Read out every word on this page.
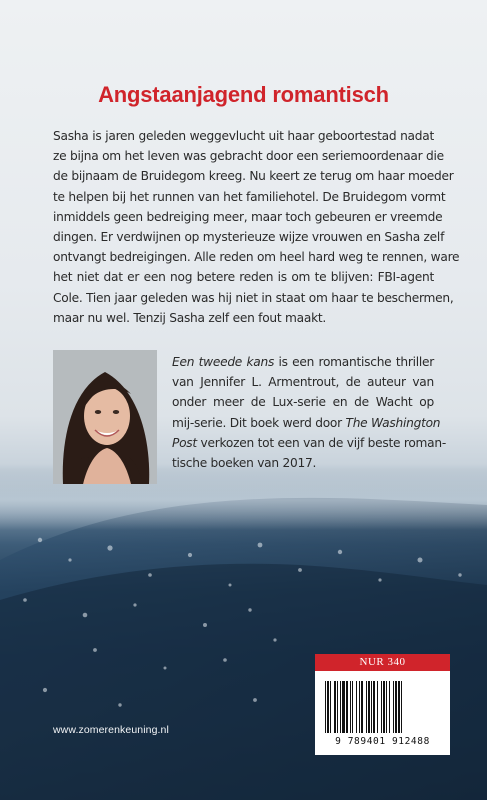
Angstaanjagend romantisch
Sasha is jaren geleden weggevlucht uit haar geboortestad nadat
ze bijna om het leven was gebracht door een seriemoordenaar die
de bijnaam de Bruidegom kreeg. Nu keert ze terug om haar moeder
te helpen bij het runnen van het familiehotel. De Bruidegom vormt
inmiddels geen bedreiging meer, maar toch gebeuren er vreemde
dingen. Er verdwijnen op mysterieuze wijze vrouwen en Sasha zelf
ontvangt bedreigingen. Alle reden om heel hard weg te rennen, ware
het niet dat er een nog betere reden is om te blijven: FBI-agent
Cole. Tien jaar geleden was hij niet in staat om haar te beschermen,
maar nu wel. Tenzij Sasha zelf een fout maakt.
Een tweede kans is een romantische thriller
van Jennifer L. Armentrout, de auteur van
onder meer de Lux-serie en de Wacht op
mij-serie. Dit boek werd door The Washington
Post verkozen tot een van de vijf beste roman-
tische boeken van 2017.
NUR 340
9 789401 912488
www.zomerenkeuning.nl
